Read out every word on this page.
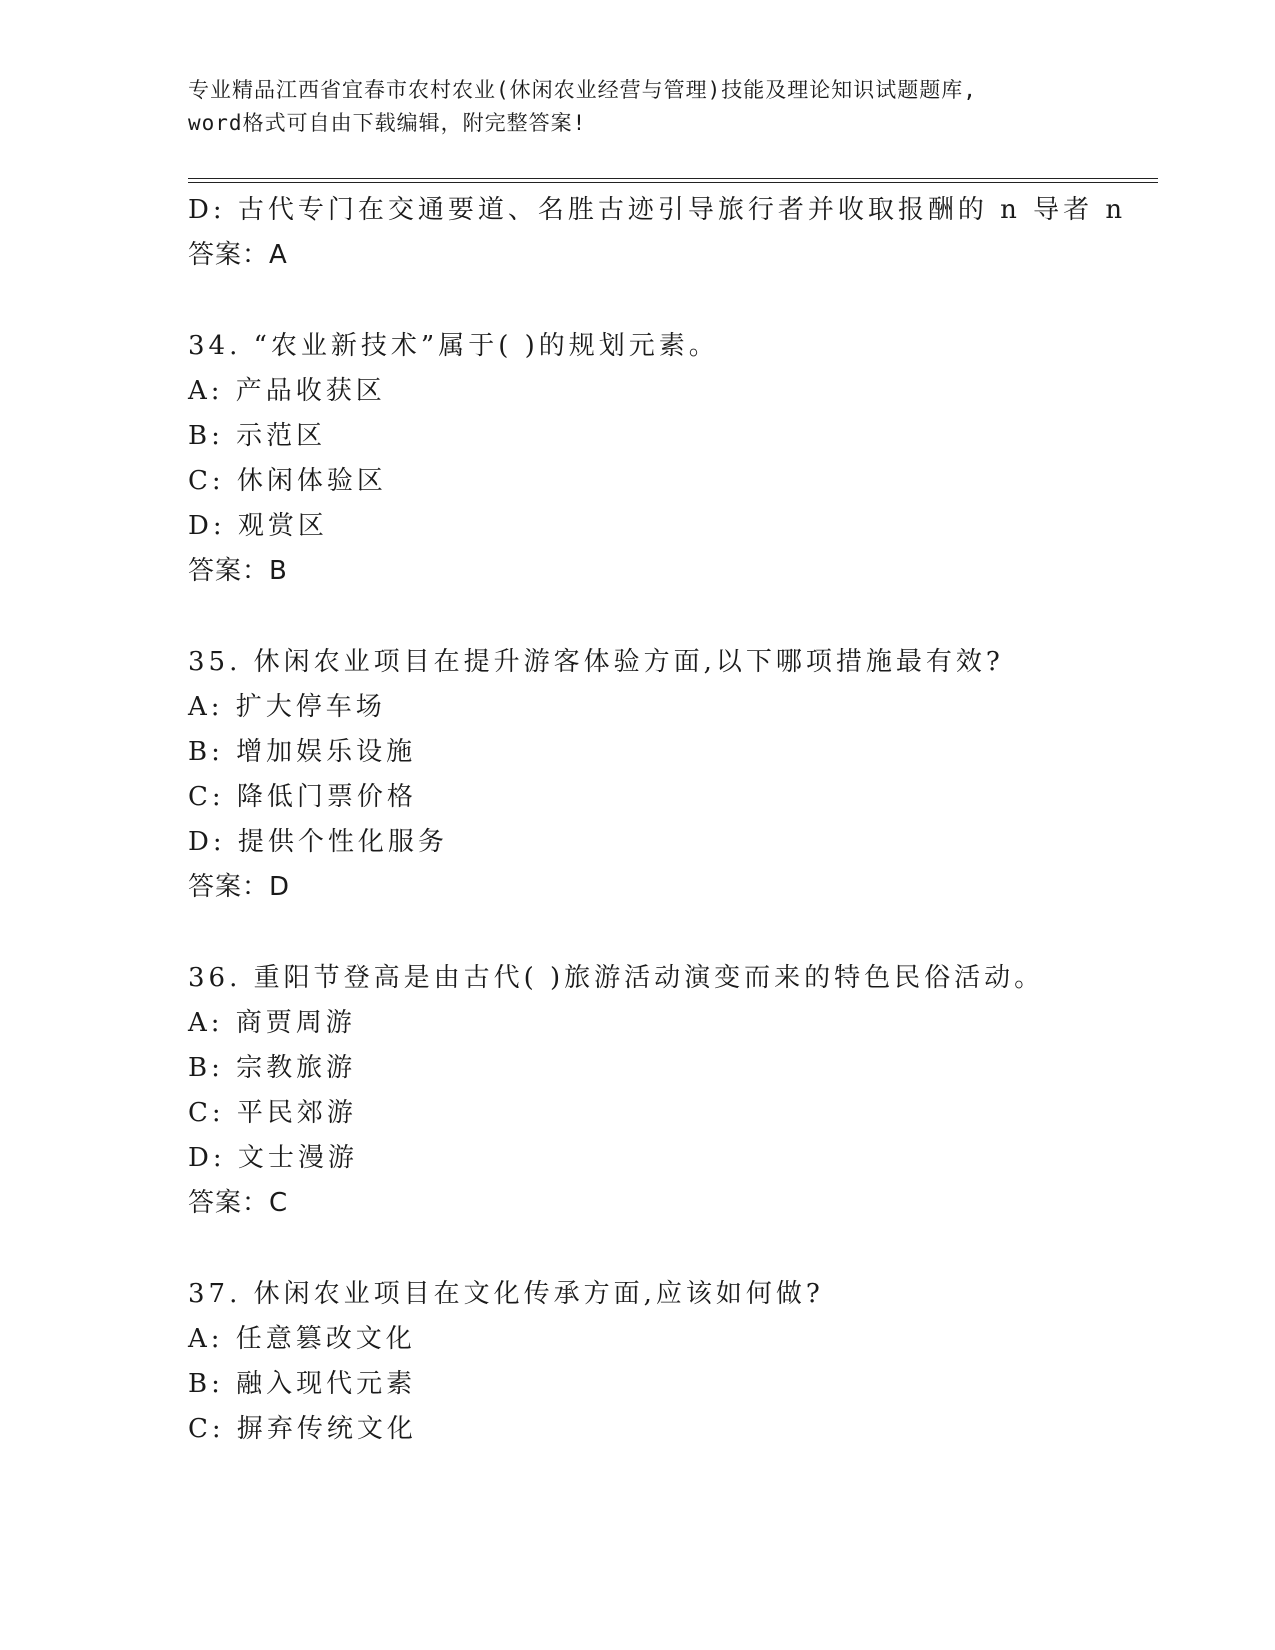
专业精品江西省宜春市农村农业(休闲农业经营与管理)技能及理论知识试题题库,
word格式可自由下载编辑，附完整答案!
D: 古代专门在交通要道、名胜古迹引导旅行者并收取报酬的 n 导者 n
答案：A
34. “农业新技术”属于( )的规划元素。
A: 产品收获区
B: 示范区
C: 休闲体验区
D: 观赏区
答案：B
35. 休闲农业项目在提升游客体验方面,以下哪项措施最有效?
A: 扩大停车场
B: 增加娱乐设施
C: 降低门票价格
D: 提供个性化服务
答案：D
36. 重阳节登高是由古代( )旅游活动演变而来的特色民俗活动。
A: 商贾周游
B: 宗教旅游
C: 平民郊游
D: 文士漫游
答案：C
37. 休闲农业项目在文化传承方面,应该如何做?
A: 任意篡改文化
B: 融入现代元素
C: 摒弃传统文化
